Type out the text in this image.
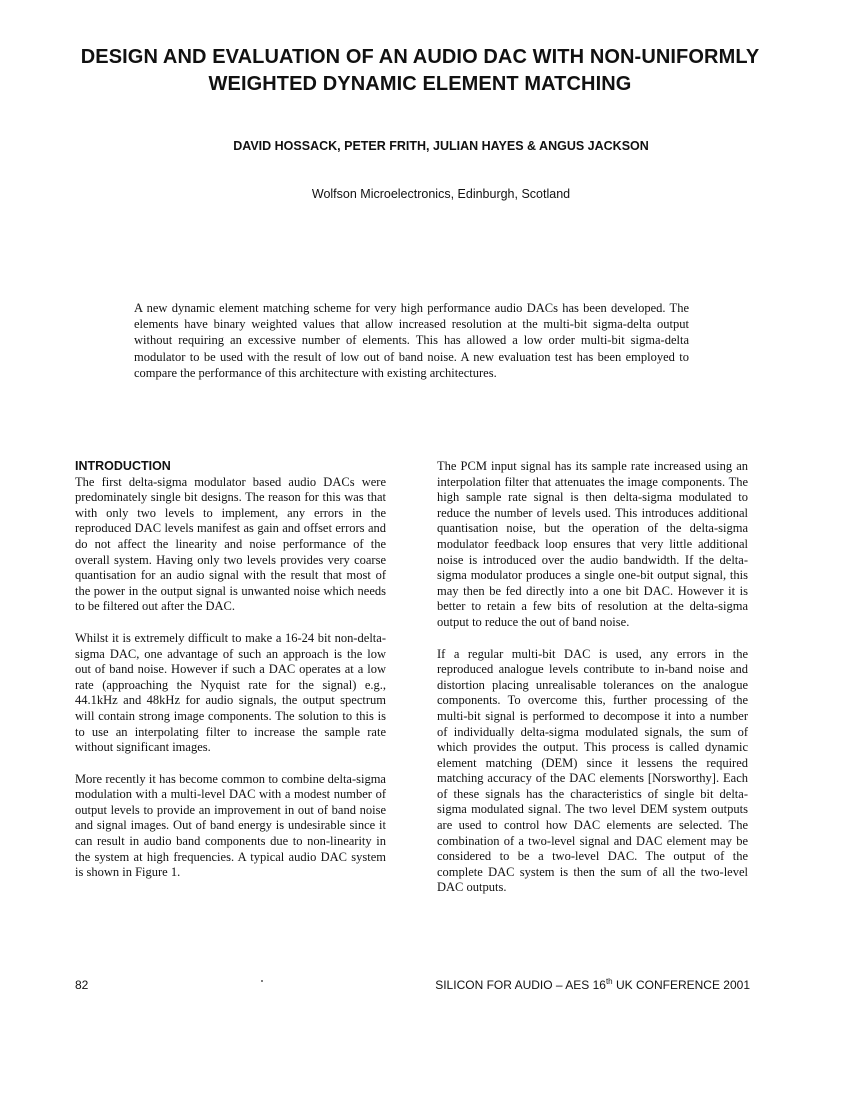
DESIGN AND EVALUATION OF AN AUDIO DAC WITH NON-UNIFORMLY WEIGHTED DYNAMIC ELEMENT MATCHING
DAVID HOSSACK, PETER FRITH, JULIAN HAYES & ANGUS JACKSON
Wolfson Microelectronics, Edinburgh, Scotland

A new dynamic element matching scheme for very high performance audio DACs has been developed. The elements have binary weighted values that allow increased resolution at the multi-bit sigma-delta output without requiring an excessive number of elements. This has allowed a low order multi-bit sigma-delta modulator to be used with the result of low out of band noise. A new evaluation test has been employed to compare the performance of this architecture with existing architectures.

INTRODUCTION

The first delta-sigma modulator based audio DACs were predominately single bit designs. The reason for this was that with only two levels to implement, any errors in the reproduced DAC levels manifest as gain and offset errors and do not affect the linearity and noise performance of the overall system. Having only two levels provides very coarse quantisation for an audio signal with the result that most of the power in the output signal is unwanted noise which needs to be filtered out after the DAC.

Whilst it is extremely difficult to make a 16-24 bit non-delta-sigma DAC, one advantage of such an approach is the low out of band noise. However if such a DAC operates at a low rate (approaching the Nyquist rate for the signal) e.g., 44.1kHz and 48kHz for audio signals, the output spectrum will contain strong image components. The solution to this is to use an interpolating filter to increase the sample rate without significant images.

More recently it has become common to combine delta-sigma modulation with a multi-level DAC with a modest number of output levels to provide an improvement in out of band noise and signal images. Out of band energy is undesirable since it can result in audio band components due to non-linearity in the system at high frequencies. A typical audio DAC system is shown in Figure 1.

The PCM input signal has its sample rate increased using an interpolation filter that attenuates the image components. The high sample rate signal is then delta-sigma modulated to reduce the number of levels used. This introduces additional quantisation noise, but the operation of the delta-sigma modulator feedback loop ensures that very little additional noise is introduced over the audio bandwidth. If the delta-sigma modulator produces a single one-bit output signal, this may then be fed directly into a one bit DAC. However it is better to retain a few bits of resolution at the delta-sigma output to reduce the out of band noise.

If a regular multi-bit DAC is used, any errors in the reproduced analogue levels contribute to in-band noise and distortion placing unrealisable tolerances on the analogue components. To overcome this, further processing of the multi-bit signal is performed to decompose it into a number of individually delta-sigma modulated signals, the sum of which provides the output. This process is called dynamic element matching (DEM) since it lessens the required matching accuracy of the DAC elements [Norsworthy]. Each of these signals has the characteristics of single bit delta-sigma modulated signal. The two level DEM system outputs are used to control how DAC elements are selected. The combination of a two-level signal and DAC element may be considered to be a two-level DAC. The output of the complete DAC system is then the sum of all the two-level DAC outputs.

82	SILICON FOR AUDIO – AES 16th UK CONFERENCE 2001
